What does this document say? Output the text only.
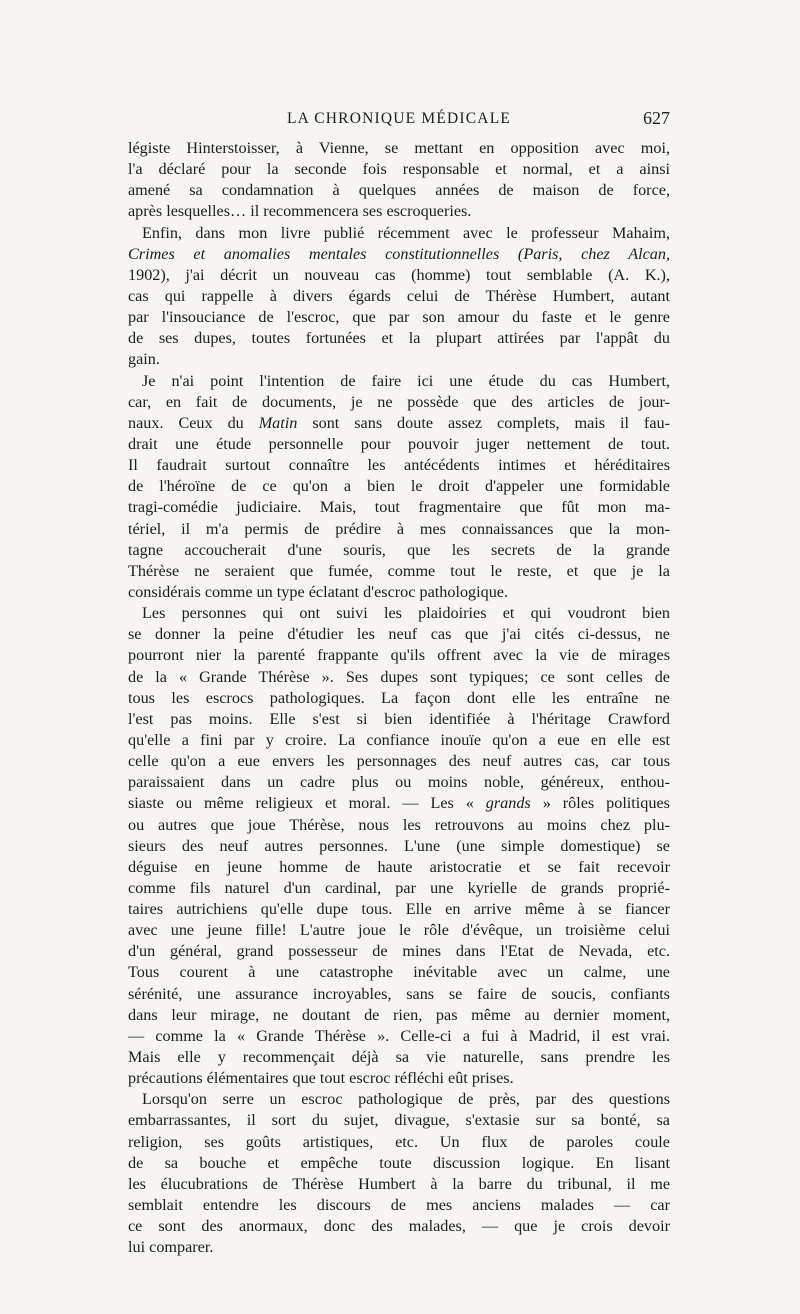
LA CHRONIQUE MÉDICALE	627
légiste Hinterstoisser, à Vienne, se mettant en opposition avec moi,
l'a déclaré pour la seconde fois responsable et normal, et a ainsi
amené sa condamnation à quelques années de maison de force,
après lesquelles… il recommencera ses escroqueries.
Enfin, dans mon livre publié récemment avec le professeur Mahaim,
Crimes et anomalies mentales constitutionnelles (Paris, chez Alcan,
1902), j'ai décrit un nouveau cas (homme) tout semblable (A. K.),
cas qui rappelle à divers égards celui de Thérèse Humbert, autant
par l'insouciance de l'escroc, que par son amour du faste et le genre
de ses dupes, toutes fortunées et la plupart attirées par l'appât du
gain.
Je n'ai point l'intention de faire ici une étude du cas Humbert,
car, en fait de documents, je ne possède que des articles de jour-
naux. Ceux du Matin sont sans doute assez complets, mais il fau-
drait une étude personnelle pour pouvoir juger nettement de tout.
Il faudrait surtout connaître les antécédents intimes et héréditaires
de l'héroïne de ce qu'on a bien le droit d'appeler une formidable
tragi-comédie judiciaire. Mais, tout fragmentaire que fût mon ma-
tériel, il m'a permis de prédire à mes connaissances que la mon-
tagne accoucherait d'une souris, que les secrets de la grande
Thérèse ne seraient que fumée, comme tout le reste, et que je la
considérais comme un type éclatant d'escroc pathologique.
Les personnes qui ont suivi les plaidoiries et qui voudront bien
se donner la peine d'étudier les neuf cas que j'ai cités ci-dessus, ne
pourront nier la parenté frappante qu'ils offrent avec la vie de mirages
de la « Grande Thérèse ». Ses dupes sont typiques; ce sont celles de
tous les escrocs pathologiques. La façon dont elle les entraîne ne
l'est pas moins. Elle s'est si bien identifiée à l'héritage Crawford
qu'elle a fini par y croire. La confiance inouïe qu'on a eue en elle est
celle qu'on a eue envers les personnages des neuf autres cas, car tous
paraissaient dans un cadre plus ou moins noble, généreux, enthou-
siaste ou même religieux et moral. — Les « grands » rôles politiques
ou autres que joue Thérèse, nous les retrouvons au moins chez plu-
sieurs des neuf autres personnes. L'une (une simple domestique) se
déguise en jeune homme de haute aristocratie et se fait recevoir
comme fils naturel d'un cardinal, par une kyrielle de grands proprié-
taires autrichiens qu'elle dupe tous. Elle en arrive même à se fiancer
avec une jeune fille! L'autre joue le rôle d'évêque, un troisième celui
d'un général, grand possesseur de mines dans l'Etat de Nevada, etc.
Tous courent à une catastrophe inévitable avec un calme, une
sérénité, une assurance incroyables, sans se faire de soucis, confiants
dans leur mirage, ne doutant de rien, pas même au dernier moment,
— comme la « Grande Thérèse ». Celle-ci a fui à Madrid, il est vrai.
Mais elle y recommençait déjà sa vie naturelle, sans prendre les
précautions élémentaires que tout escroc réfléchi eût prises.
Lorsqu'on serre un escroc pathologique de près, par des questions
embarrassantes, il sort du sujet, divague, s'extasie sur sa bonté, sa
religion, ses goûts artistiques, etc. Un flux de paroles coule
de sa bouche et empêche toute discussion logique. En lisant
les élucubrations de Thérèse Humbert à la barre du tribunal, il me
semblait entendre les discours de mes anciens malades — car
ce sont des anormaux, donc des malades, — que je crois devoir
lui comparer.
